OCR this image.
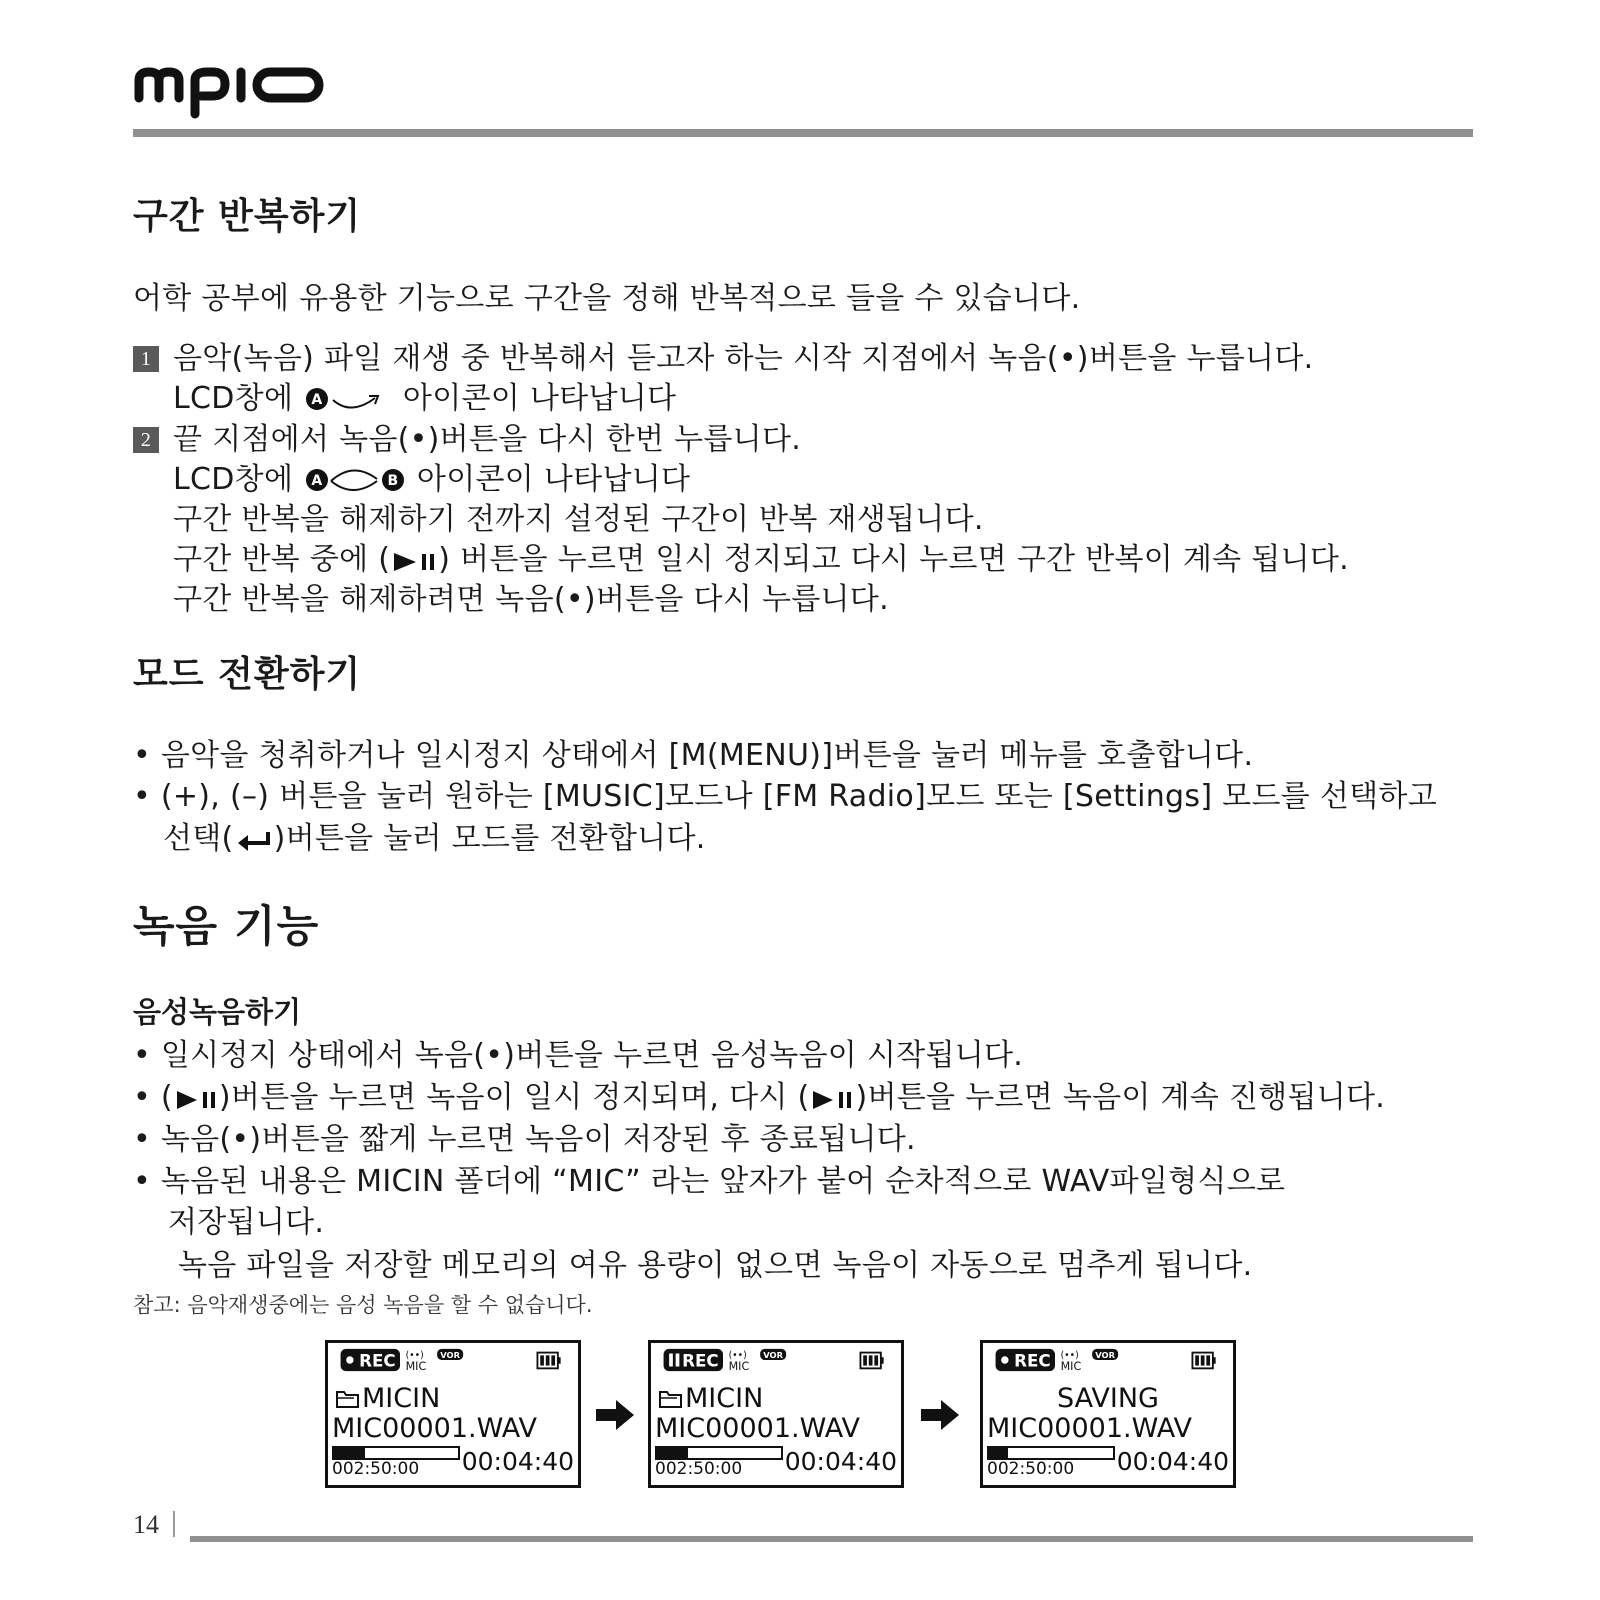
구간 반복하기
어학 공부에 유용한 기능으로 구간을 정해 반복적으로 들을 수 있습니다.
1 음악(녹음) 파일 재생 중 반복해서 듣고자 하는 시작 지점에서 녹음(•)버튼을 누릅니다.
LCD창에 A	아이콘이 나타납니다
2 끝 지점에서 녹음(•)버튼을 다시 한번 누릅니다.
LCD창에 A	B 아이콘이 나타납니다
구간 반복을 해제하기 전까지 설정된 구간이 반복 재생됩니다.
구간 반복 중에 ( ) 버튼을 누르면 일시 정지되고 다시 누르면 구간 반복이 계속 됩니다.
구간 반복을 해제하려면 녹음(•)버튼을 다시 누릅니다.
모드 전환하기
• 음악을 청취하거나 일시정지 상태에서 [M(MENU)]버튼을 눌러 메뉴를 호출합니다.
• (+), (–) 버튼을 눌러 원하는 [MUSIC]모드나 [FM Radio]모드 또는 [Settings] 모드를 선택하고
선택( )버튼을 눌러 모드를 전환합니다.
녹음 기능
음성녹음하기
• 일시정지 상태에서 녹음(•)버튼을 누르면 음성녹음이 시작됩니다.
• ( )버튼을 누르면 녹음이 일시 정지되며, 다시 ( )버튼을 누르면 녹음이 계속 진행됩니다.
• 녹음(•)버튼을 짧게 누르면 녹음이 저장된 후 종료됩니다.
• 녹음된 내용은 MICIN 폴더에 “MIC” 라는 앞자가 붙어 순차적으로 WAV파일형식으로
저장됩니다.
녹음 파일을 저장할 메모리의 여유 용량이 없으면 녹음이 자동으로 멈추게 됩니다.
참고: 음악재생중에는 음성 녹음을 할 수 없습니다.
REC (••)
MIC
VOR
MICIN
MIC00001.WAV
002:50:00 00:04:40
REC (••)
MIC
VOR
MICIN
MIC00001.WAV
002:50:00 00:04:40
REC (••)
MIC
VOR
SAVING
MIC00001.WAV
002:50:00 00:04:40
14
